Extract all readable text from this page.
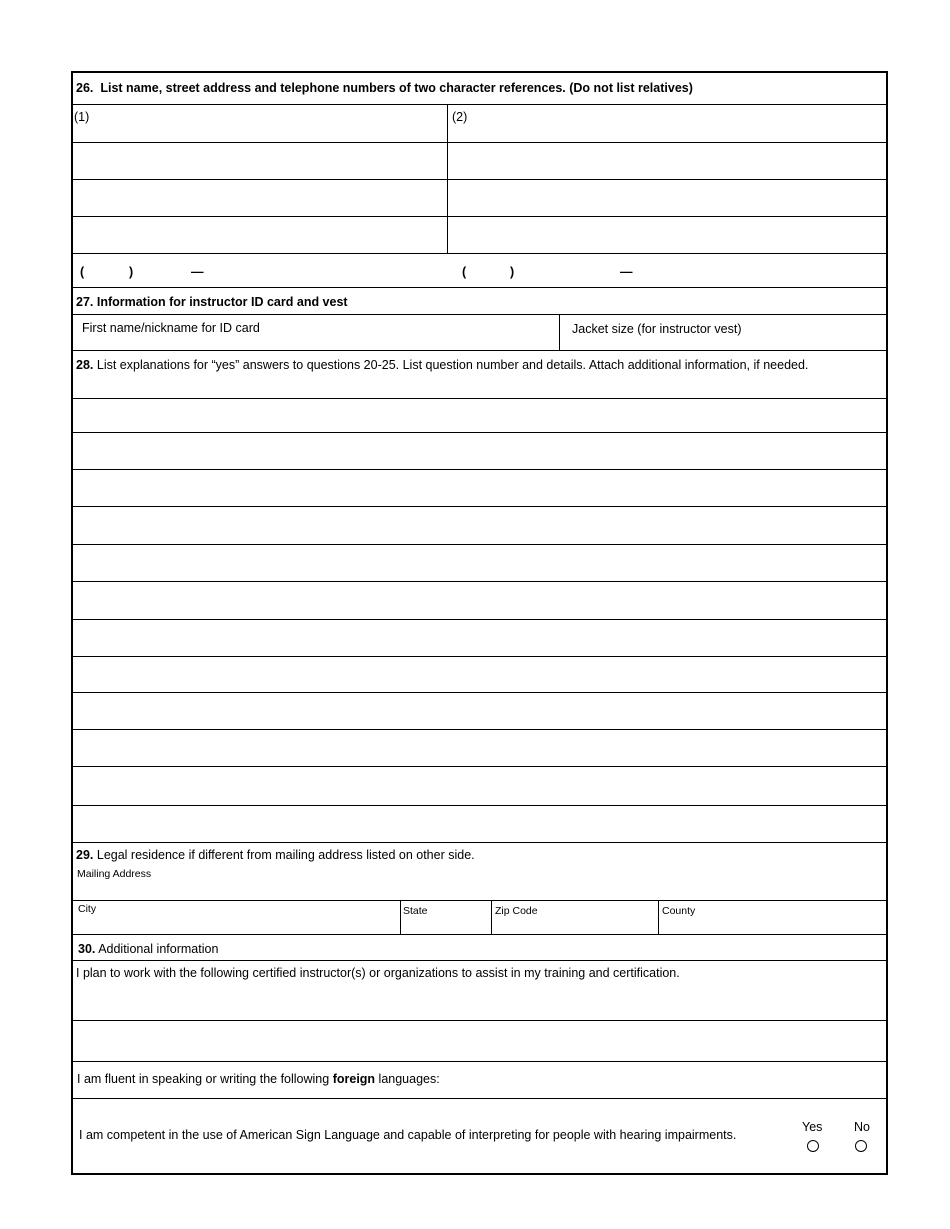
26. List name, street address and telephone numbers of two character references. (Do not list relatives)
(1)	(2)
(	)	—	(	)	—
27. Information for instructor ID card and vest
First name/nickname for ID card	Jacket size (for instructor vest)
28. List explanations for “yes” answers to questions 20-25. List question number and details. Attach additional information, if needed.
29. Legal residence if different from mailing address listed on other side.
Mailing Address
City	State	Zip Code	County
30. Additional information
I plan to work with the following certified instructor(s) or organizations to assist in my training and certification.
I am fluent in speaking or writing the following foreign languages:
I am competent in the use of American Sign Language and capable of interpreting for people with hearing impairments.
Yes	No
